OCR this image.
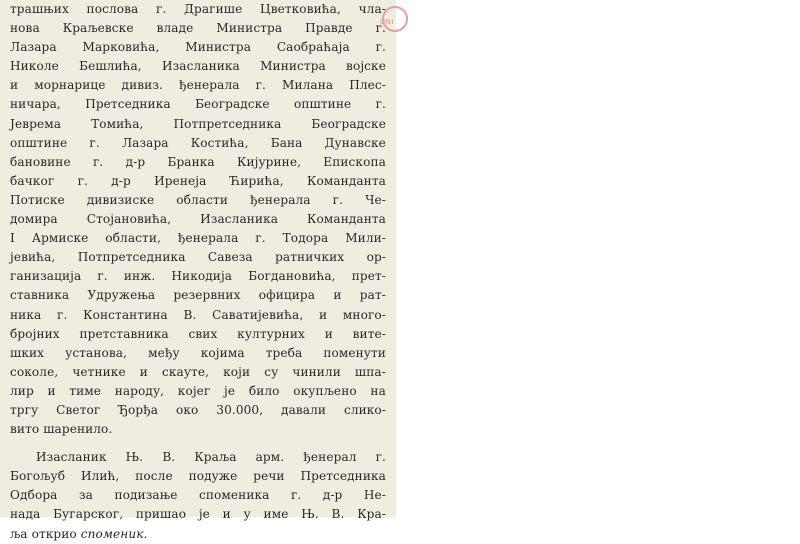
UNI
трашњих послова г. Драгише Цветковића, чла-
нова Краљевске владе Министра Правде г.
Лазара Марковића, Министра Саобраћаја г.
Николе Бешлића, Изасланика Министра војске
и морнарице дивиз. ђенерала г. Милана Плес-
ничара, Претседника Београдске општине г.
Јеврема Томића, Потпретседника Београдске
општине г. Лазара Костића, Бана Дунавске
бановине г. д-р Бранка Кијурине, Епископа
бачког г. д-р Иренеја Ћирића, Команданта
Потиске дивизиске области ђенерала г. Че-
домира Стојановића, Изасланика Команданта
I Армиске области, ђенерала г. Тодора Мили-
јевића, Потпретседника Савеза ратничких ор-
ганизација г. инж. Никодија Богдановића, прет-
ставника Удружења резервних официра и рат-
ника г. Константина В. Саватијевића, и много-
бројних претставника свих културних и вите-
шких установа, међу којима треба поменути
соколе, четнике и скауте, који су чинили шпа-
лир и тиме народу, којег је било окупљено на
тргу Светог Ђорђа око 30.000, давали слико-
вито шаренило.
Изасланик Њ. В. Краља арм. ђенерал г.
Богољуб Илић, после подуже речи Претседника
Одбора за подизање споменика г. д-р Не-
нада Бугарског, пришао је и у име Њ. В. Кра-
ља открио споменик.
